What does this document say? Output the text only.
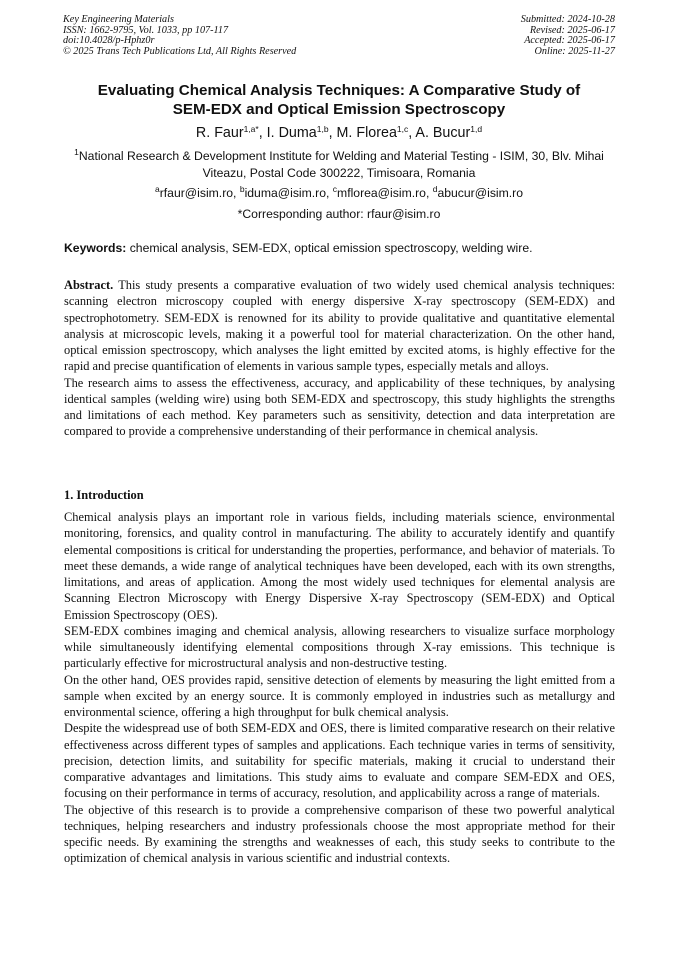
Key Engineering Materials
ISSN: 1662-9795, Vol. 1033, pp 107-117
doi:10.4028/p-Hphz0r
© 2025 Trans Tech Publications Ltd, All Rights Reserved
Submitted: 2024-10-28
Revised: 2025-06-17
Accepted: 2025-06-17
Online: 2025-11-27
Evaluating Chemical Analysis Techniques: A Comparative Study of
SEM-EDX and Optical Emission Spectroscopy
R. Faur$^{1,a*}$, I. Duma$^{1,b}$, M. Florea$^{1,c}$, A. Bucur$^{1,d}$
$^1$National Research & Development Institute for Welding and Material Testing - ISIM, 30, Blv. Mihai
Viteazu, Postal Code 300222, Timisoara, Romania
$^a$rfaur@isim.ro, $^b$iduma@isim.ro, $^c$mflorea@isim.ro, $^d$abucur@isim.ro
*Corresponding author: rfaur@isim.ro
Keywords: chemical analysis, SEM-EDX, optical emission spectroscopy, welding wire.

Abstract. This study presents a comparative evaluation of two widely used chemical analysis techniques: scanning electron microscopy coupled with energy dispersive X-ray spectroscopy (SEM-EDX) and spectrophotometry. SEM-EDX is renowned for its ability to provide qualitative and quantitative elemental analysis at microscopic levels, making it a powerful tool for material characterization. On the other hand, optical emission spectroscopy, which analyses the light emitted by excited atoms, is highly effective for the rapid and precise quantification of elements in various sample types, especially metals and alloys.

The research aims to assess the effectiveness, accuracy, and applicability of these techniques, by analysing identical samples (welding wire) using both SEM-EDX and spectroscopy, this study highlights the strengths and limitations of each method. Key parameters such as sensitivity, detection and data interpretation are compared to provide a comprehensive understanding of their performance in chemical analysis.

1. Introduction

Chemical analysis plays an important role in various fields, including materials science, environmental monitoring, forensics, and quality control in manufacturing. The ability to accurately identify and quantify elemental compositions is critical for understanding the properties, performance, and behavior of materials. To meet these demands, a wide range of analytical techniques have been developed, each with its own strengths, limitations, and areas of application. Among the most widely used techniques for elemental analysis are Scanning Electron Microscopy with Energy Dispersive X-ray Spectroscopy (SEM-EDX) and Optical Emission Spectroscopy (OES).

SEM-EDX combines imaging and chemical analysis, allowing researchers to visualize surface morphology while simultaneously identifying elemental compositions through X-ray emissions. This technique is particularly effective for microstructural analysis and non-destructive testing.

On the other hand, OES provides rapid, sensitive detection of elements by measuring the light emitted from a sample when excited by an energy source. It is commonly employed in industries such as metallurgy and environmental science, offering a high throughput for bulk chemical analysis.

Despite the widespread use of both SEM-EDX and OES, there is limited comparative research on their relative effectiveness across different types of samples and applications. Each technique varies in terms of sensitivity, precision, detection limits, and suitability for specific materials, making it crucial to understand their comparative advantages and limitations. This study aims to evaluate and compare SEM-EDX and OES, focusing on their performance in terms of accuracy, resolution, and applicability across a range of materials.

The objective of this research is to provide a comprehensive comparison of these two powerful analytical techniques, helping researchers and industry professionals choose the most appropriate method for their specific needs. By examining the strengths and weaknesses of each, this study seeks to contribute to the optimization of chemical analysis in various scientific and industrial contexts.
